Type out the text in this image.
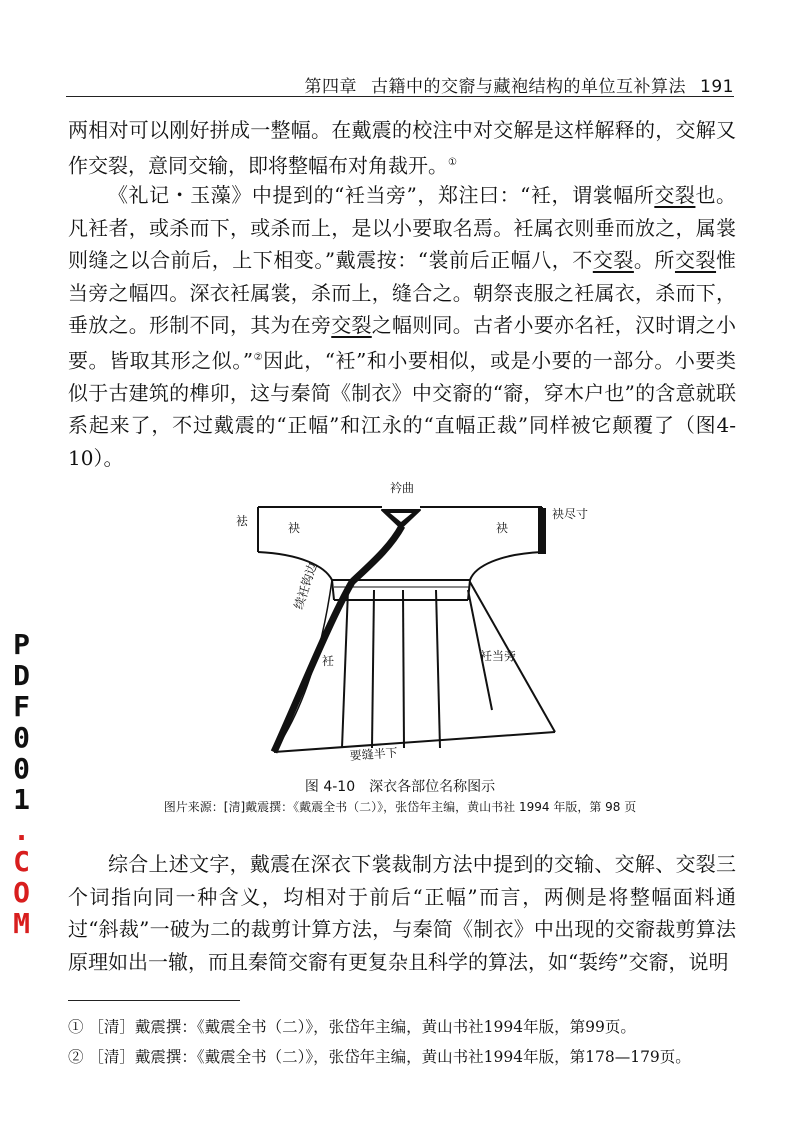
第四章 古籍中的交窬与藏袍结构的单位互补算法 191

两相对可以刚好拼成一整幅。在戴震的校注中对交解是这样解释的，交解又作交裂，意同交输，即将整幅布对角裁开。①

《礼记・玉藻》中提到的“衽当旁”，郑注曰：“衽，谓裳幅所交裂也。凡衽者，或杀而下，或杀而上，是以小要取名焉。衽属衣则垂而放之，属裳则缝之以合前后，上下相变。”戴震按：“裳前后正幅八，不交裂。所交裂惟当旁之幅四。深衣衽属裳，杀而上，缝合之。朝祭丧服之衽属衣，杀而下，垂放之。形制不同，其为在旁交裂之幅则同。古者小要亦名衽，汉时谓之小要。皆取其形之似。”②因此，“衽”和小要相似，或是小要的一部分。小要类似于古建筑的榫卯，这与秦简《制衣》中交窬的“窬，穿木户也”的含意就联系起来了，不过戴震的“正幅”和江永的“直幅正裁”同样被它颠覆了（图4-10）。

衿曲
袪	袂	袂
袂尽寸
衽	衽当旁
续衽钩边
要缝半下
图 4-10　深衣各部位名称图示
图片来源：[清]戴震撰：《戴震全书（二）》，张岱年主编，黄山书社 1994 年版，第 98 页

综合上述文字，戴震在深衣下裳裁制方法中提到的交输、交解、交裂三个词指向同一种含义，均相对于前后“正幅”而言，两侧是将整幅面料通过“斜裁”一破为二的裁剪计算方法，与秦简《制衣》中出现的交窬裁剪算法原理如出一辙，而且秦简交窬有更复杂且科学的算法，如“裚绔”交窬，说明

① ［清］戴震撰：《戴震全书（二）》，张岱年主编，黄山书社1994年版，第99页。
② ［清］戴震撰：《戴震全书（二）》，张岱年主编，黄山书社1994年版，第178—179页。
PDF001.COM
